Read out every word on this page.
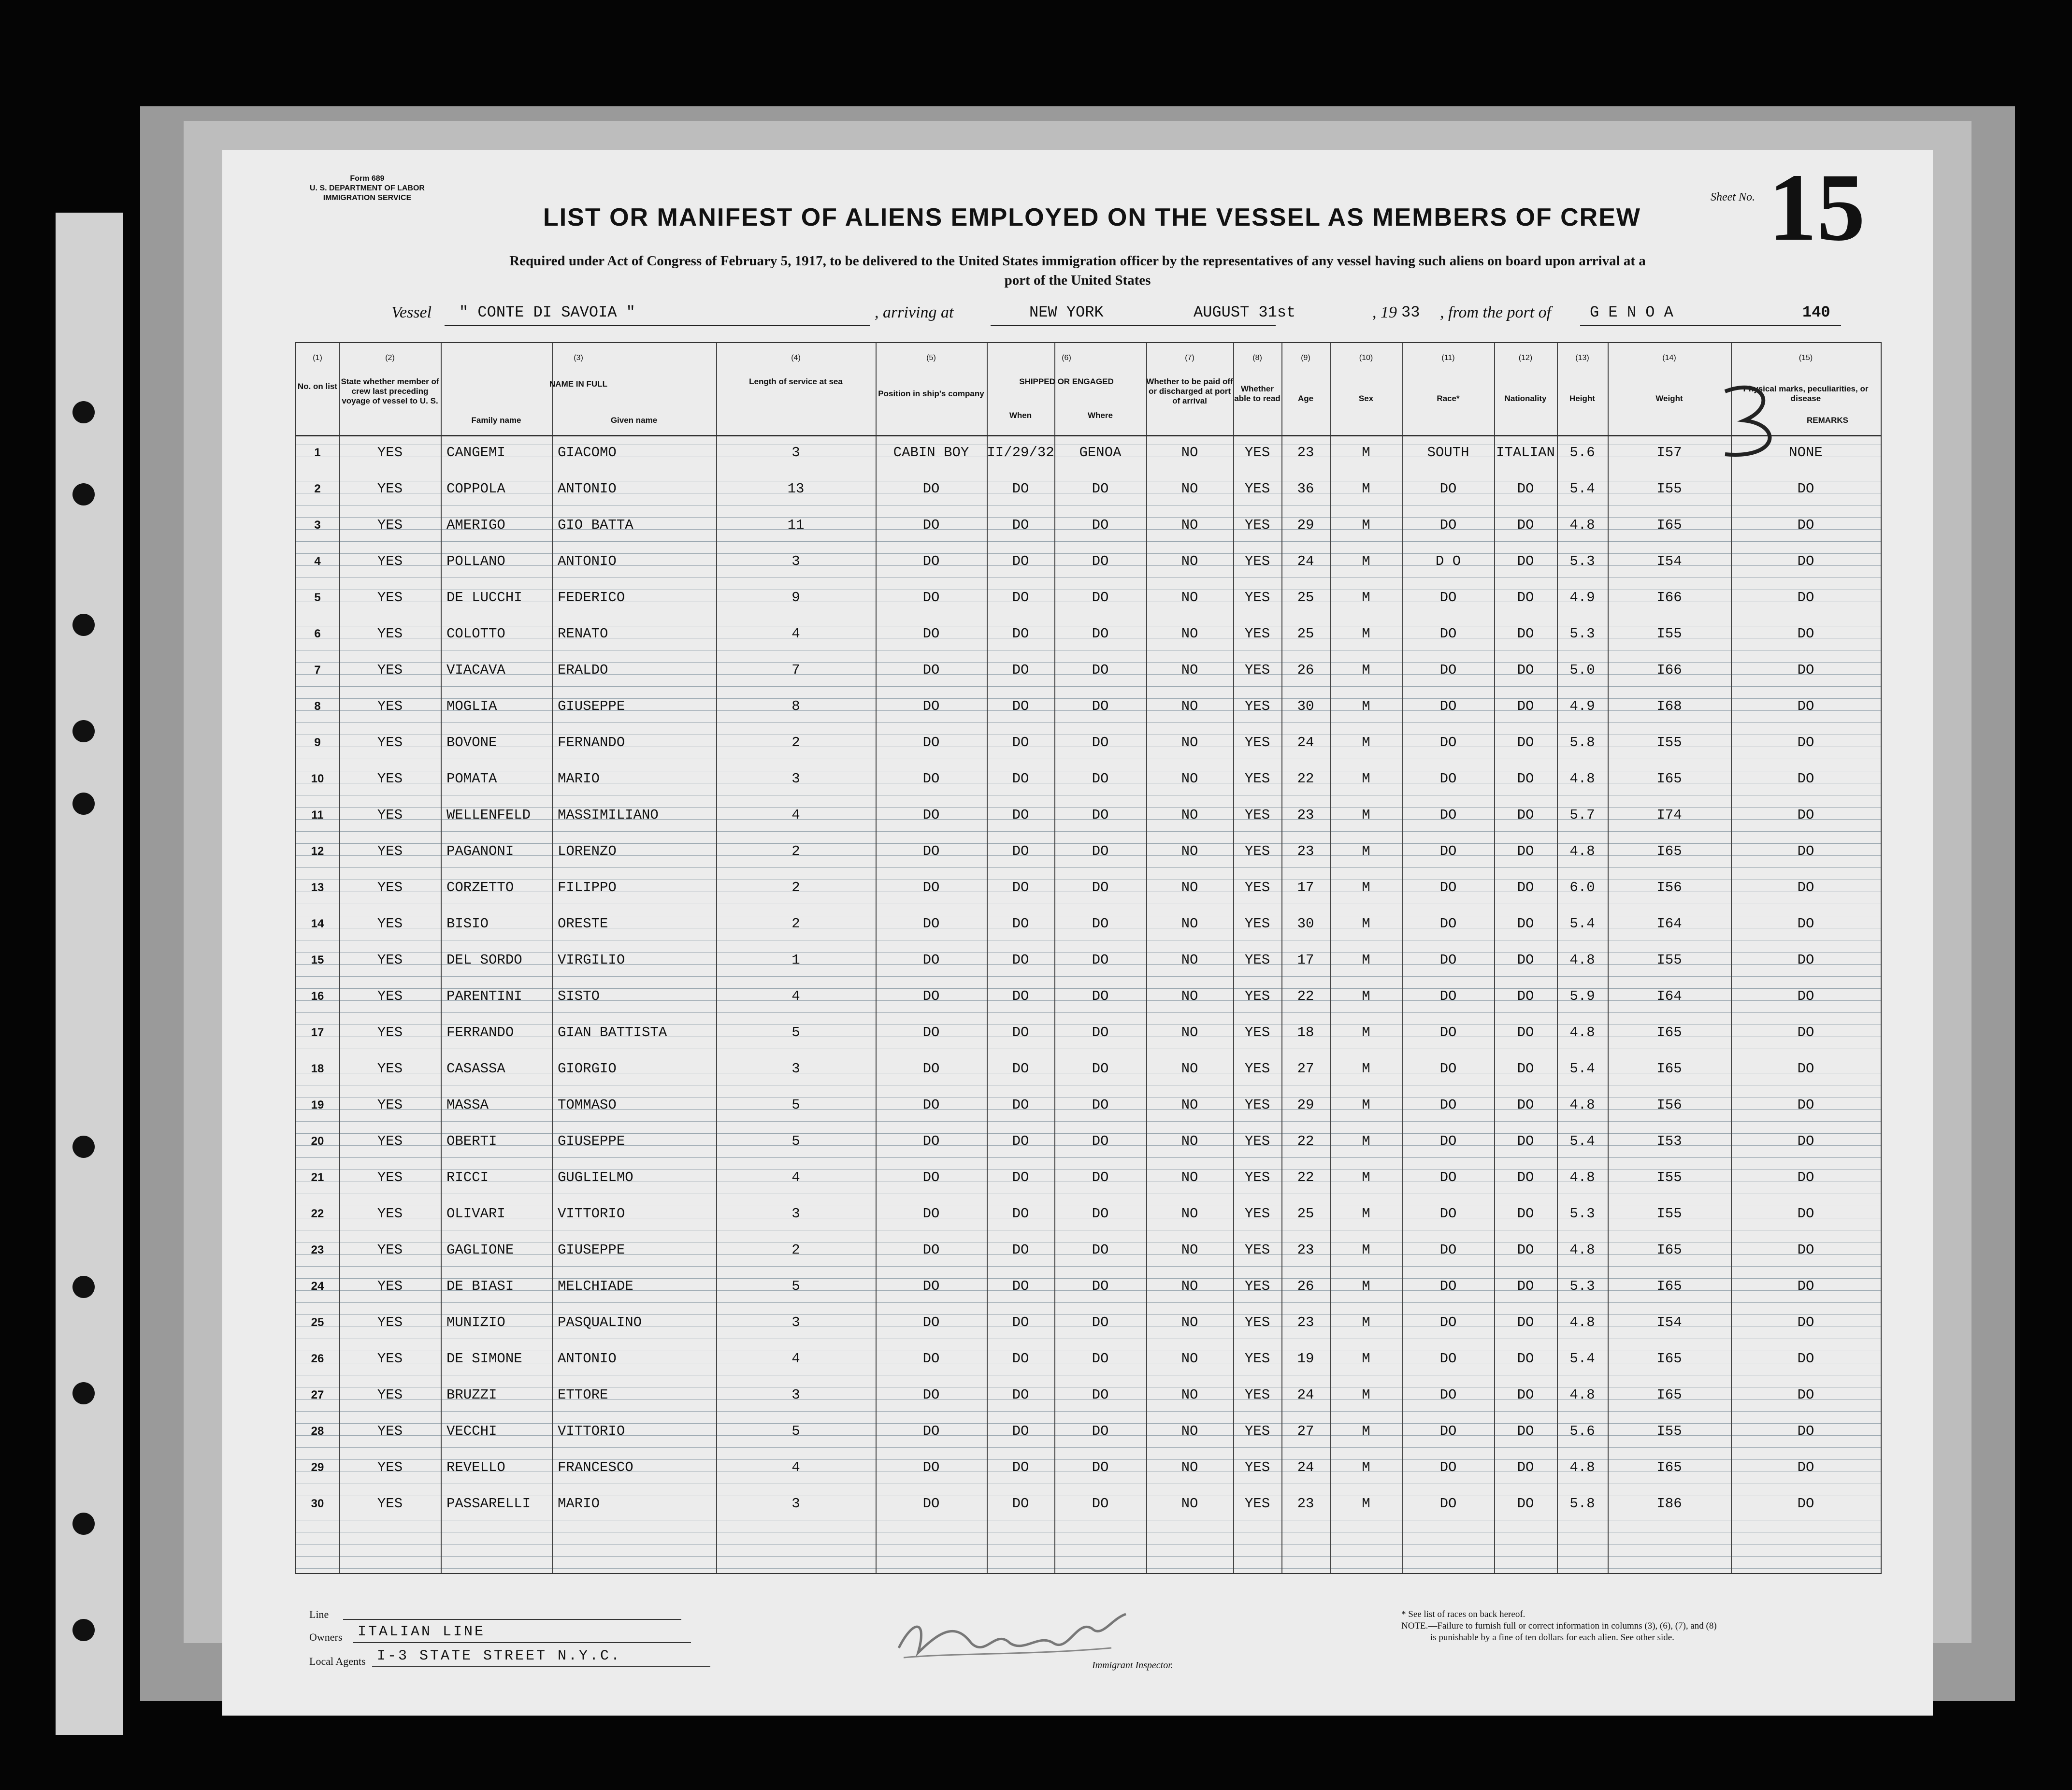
Form 689
U. S. DEPARTMENT OF LABOR
IMMIGRATION SERVICE
LIST OR MANIFEST OF ALIENS EMPLOYED ON THE VESSEL AS MEMBERS OF CREW
Sheet No. 15
Required under Act of Congress of February 5, 1917, to be delivered to the United States immigration officer by the representatives of any vessel having such aliens on board upon arrival at a
port of the United States
Vessel " CONTE DI SAVOIA "	, arriving at	NEW YORK	AUGUST 31st	, 19 33 , from the port of G E N O A	140
(1)	(2)	(3)	(4)	(5)	(6)	(7)	(8)	(9)	(10)	(11)	(12)	(13)	(14)	(15)
No. on list
State whether member of crew last preceding voyage of vessel to U. S.
NAME IN FULL
Family name	Given name
Length of service at sea
Position in ship's company
SHIPPED OR ENGAGED
When	Where
Whether to be paid off or discharged at port of arrival
Whether able to read	Age	Sex	Race*	Nationality	Height	Weight
Physical marks, peculiarities, or disease
REMARKS
1	YES	CANGEMI	GIACOMO	3	CABIN BOY	II/29/32	GENOA	NO	YES	23	M	SOUTH	ITALIAN	5.6	I57	NONE
2	YES	COPPOLA	ANTONIO	13	DO	DO	DO	NO	YES	36	M	DO	DO	5.4	I55	DO
3	YES	AMERIGO	GIO BATTA	11	DO	DO	DO	NO	YES	29	M	DO	DO	4.8	I65	DO
4	YES	POLLANO	ANTONIO	3	DO	DO	DO	NO	YES	24	M	D O	DO	5.3	I54	DO
5	YES	DE LUCCHI	FEDERICO	9	DO	DO	DO	NO	YES	25	M	DO	DO	4.9	I66	DO
6	YES	COLOTTO	RENATO	4	DO	DO	DO	NO	YES	25	M	DO	DO	5.3	I55	DO
7	YES	VIACAVA	ERALDO	7	DO	DO	DO	NO	YES	26	M	DO	DO	5.0	I66	DO
8	YES	MOGLIA	GIUSEPPE	8	DO	DO	DO	NO	YES	30	M	DO	DO	4.9	I68	DO
9	YES	BOVONE	FERNANDO	2	DO	DO	DO	NO	YES	24	M	DO	DO	5.8	I55	DO
10	YES	POMATA	MARIO	3	DO	DO	DO	NO	YES	22	M	DO	DO	4.8	I65	DO
11	YES	WELLENFELD MASSIMILIANO	4	DO	DO	DO	NO	YES	23	M	DO	DO	5.7	I74	DO
12	YES	PAGANONI	LORENZO	2	DO	DO	DO	NO	YES	23	M	DO	DO	4.8	I65	DO
13	YES	CORZETTO	FILIPPO	2	DO	DO	DO	NO	YES	17	M	DO	DO	6.0	I56	DO
14	YES	BISIO	ORESTE	2	DO	DO	DO	NO	YES	30	M	DO	DO	5.4	I64	DO
15	YES	DEL SORDO	VIRGILIO	1	DO	DO	DO	NO	YES	17	M	DO	DO	4.8	I55	DO
16	YES	PARENTINI	SISTO	4	DO	DO	DO	NO	YES	22	M	DO	DO	5.9	I64	DO
17	YES	FERRANDO	GIAN BATTISTA	5	DO	DO	DO	NO	YES	18	M	DO	DO	4.8	I65	DO
18	YES	CASASSA	GIORGIO	3	DO	DO	DO	NO	YES	27	M	DO	DO	5.4	I65	DO
19	YES	MASSA	TOMMASO	5	DO	DO	DO	NO	YES	29	M	DO	DO	4.8	I56	DO
20	YES	OBERTI	GIUSEPPE	5	DO	DO	DO	NO	YES	22	M	DO	DO	5.4	I53	DO
21	YES	RICCI	GUGLIELMO	4	DO	DO	DO	NO	YES	22	M	DO	DO	4.8	I55	DO
22	YES	OLIVARI	VITTORIO	3	DO	DO	DO	NO	YES	25	M	DO	DO	5.3	I55	DO
23	YES	GAGLIONE	GIUSEPPE	2	DO	DO	DO	NO	YES	23	M	DO	DO	4.8	I65	DO
24	YES	DE BIASI	MELCHIADE	5	DO	DO	DO	NO	YES	26	M	DO	DO	5.3	I65	DO
25	YES	MUNIZIO	PASQUALINO	3	DO	DO	DO	NO	YES	23	M	DO	DO	4.8	I54	DO
26	YES	DE SIMONE	ANTONIO	4	DO	DO	DO	NO	YES	19	M	DO	DO	5.4	I65	DO
27	YES	BRUZZI	ETTORE	3	DO	DO	DO	NO	YES	24	M	DO	DO	4.8	I65	DO
28	YES	VECCHI	VITTORIO	5	DO	DO	DO	NO	YES	27	M	DO	DO	5.6	I55	DO
29	YES	REVELLO	FRANCESCO	4	DO	DO	DO	NO	YES	24	M	DO	DO	4.8	I65	DO
30	YES	PASSARELLI MARIO	3	DO	DO	DO	NO	YES	23	M	DO	DO	5.8	I86	DO
Line
Owners ITALIAN LINE
Local Agents I-3 STATE STREET N.Y.C.
Immigrant Inspector.
* See list of races on back hereof.
NOTE.—Failure to furnish full or correct information in columns (3), (6), (7), and (8)
is punishable by a fine of ten dollars for each alien. See other side.
